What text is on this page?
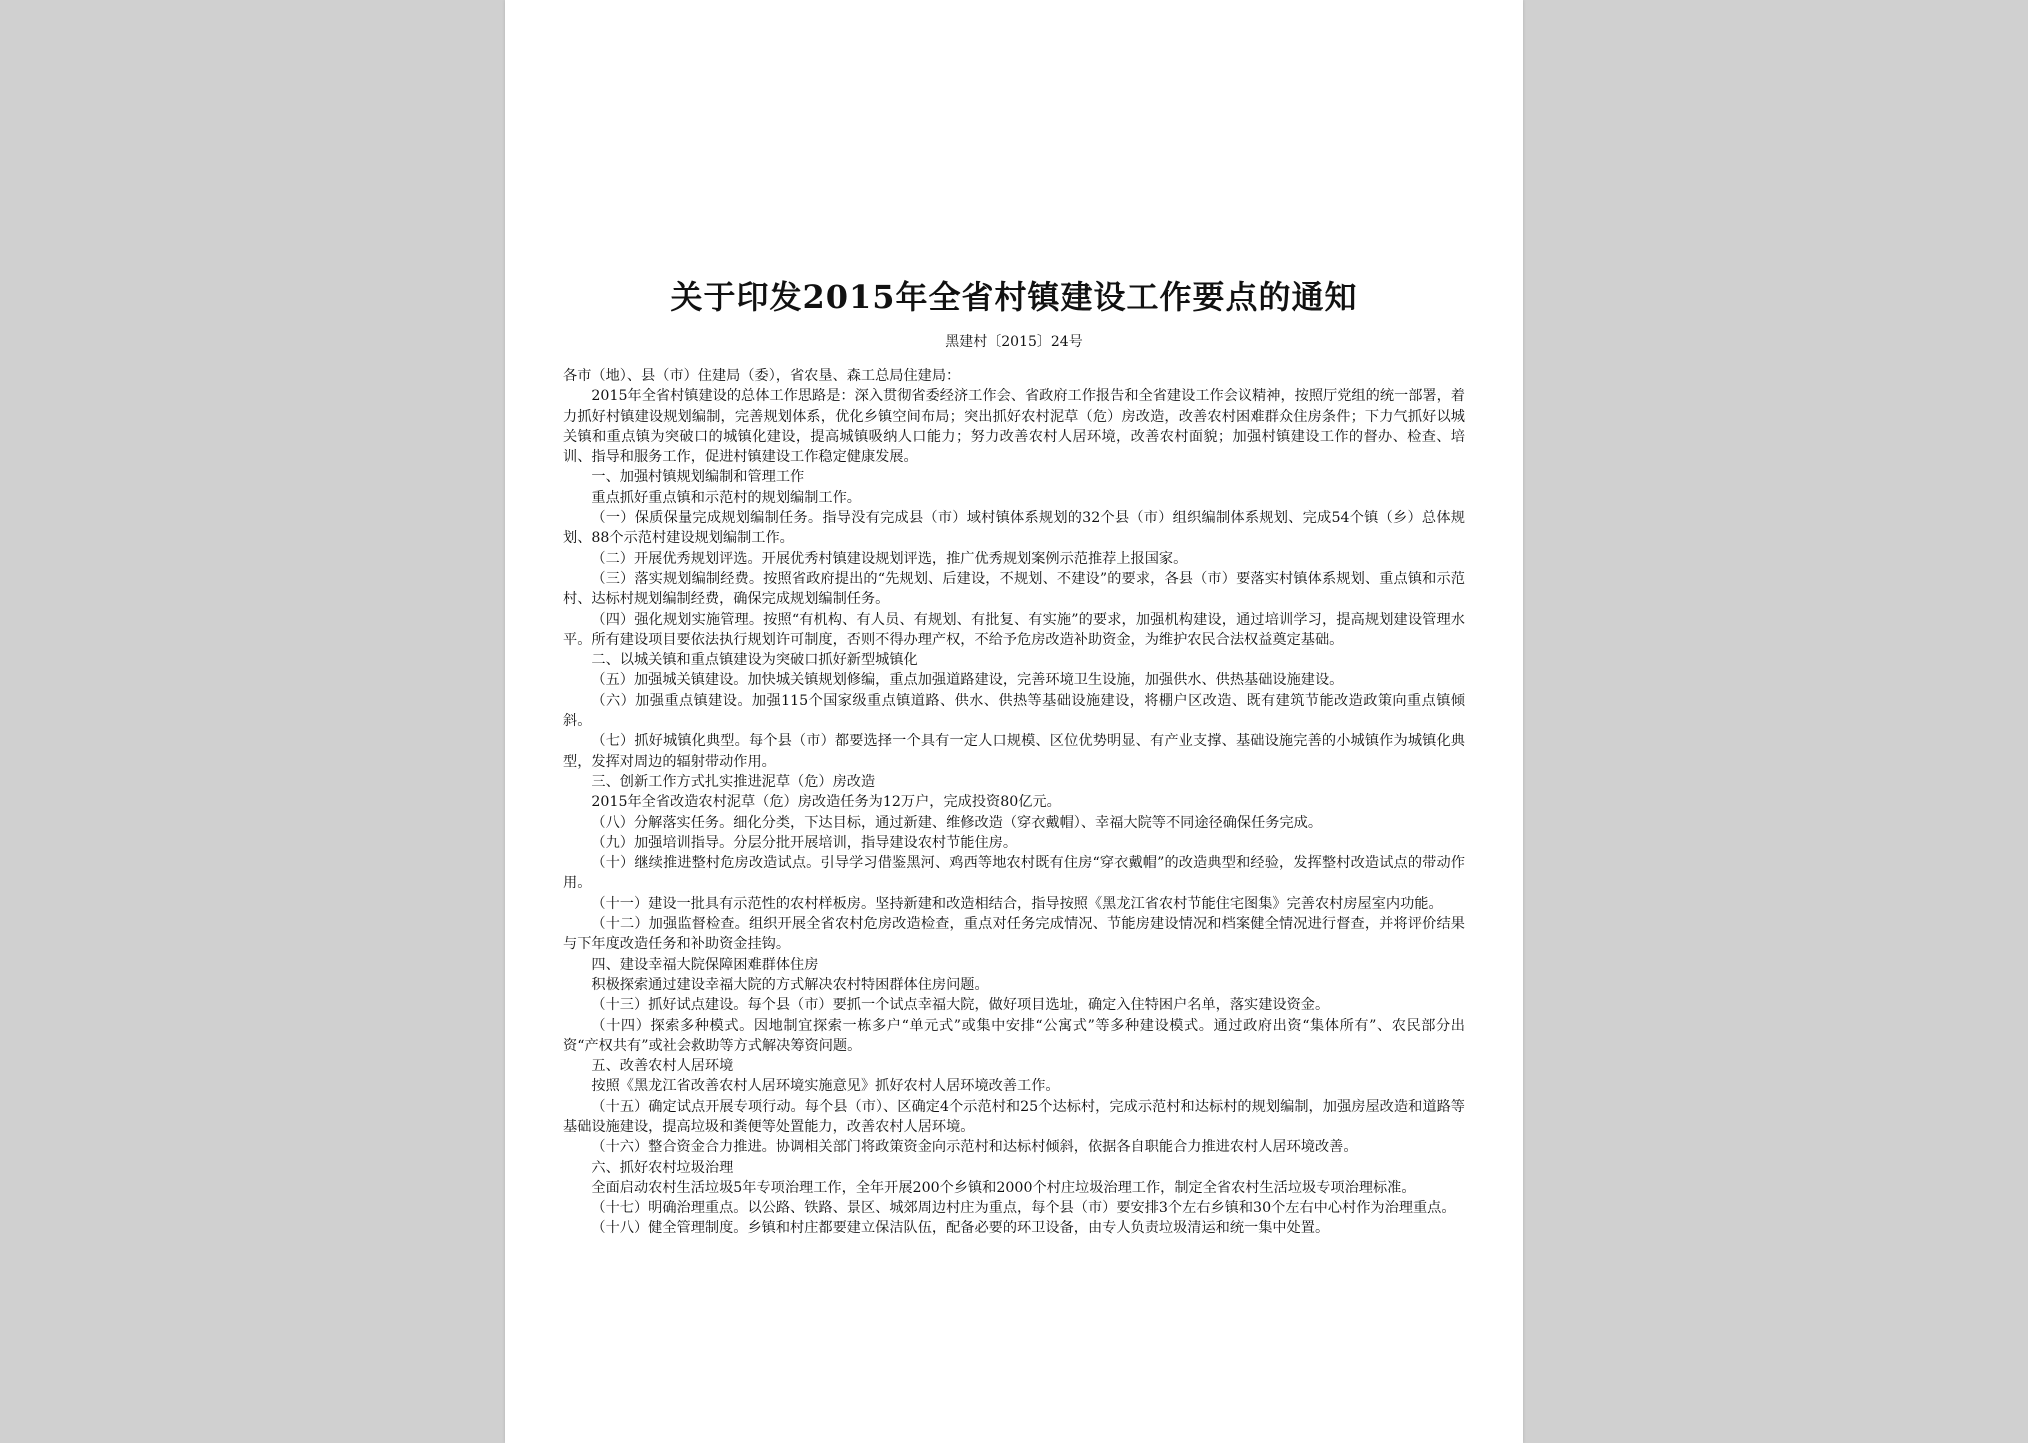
关于印发2015年全省村镇建设工作要点的通知
黑建村〔2015〕24号

各市（地）、县（市）住建局（委），省农垦、森工总局住建局：

2015年全省村镇建设的总体工作思路是：深入贯彻省委经济工作会、省政府工作报告和全省建设工作会议精神，按照厅党组的统一部署，着力抓好村镇建设规划编制，完善规划体系，优化乡镇空间布局；突出抓好农村泥草（危）房改造，改善农村困难群众住房条件；下力气抓好以城关镇和重点镇为突破口的城镇化建设，提高城镇吸纳人口能力；努力改善农村人居环境，改善农村面貌；加强村镇建设工作的督办、检查、培训、指导和服务工作，促进村镇建设工作稳定健康发展。

一、加强村镇规划编制和管理工作

重点抓好重点镇和示范村的规划编制工作。

（一）保质保量完成规划编制任务。指导没有完成县（市）域村镇体系规划的32个县（市）组织编制体系规划、完成54个镇（乡）总体规划、88个示范村建设规划编制工作。

（二）开展优秀规划评选。开展优秀村镇建设规划评选，推广优秀规划案例示范推荐上报国家。

（三）落实规划编制经费。按照省政府提出的“先规划、后建设，不规划、不建设”的要求，各县（市）要落实村镇体系规划、重点镇和示范村、达标村规划编制经费，确保完成规划编制任务。

（四）强化规划实施管理。按照“有机构、有人员、有规划、有批复、有实施”的要求，加强机构建设，通过培训学习，提高规划建设管理水平。所有建设项目要依法执行规划许可制度，否则不得办理产权，不给予危房改造补助资金，为维护农民合法权益奠定基础。

二、以城关镇和重点镇建设为突破口抓好新型城镇化

（五）加强城关镇建设。加快城关镇规划修编，重点加强道路建设，完善环境卫生设施，加强供水、供热基础设施建设。

（六）加强重点镇建设。加强115个国家级重点镇道路、供水、供热等基础设施建设，将棚户区改造、既有建筑节能改造政策向重点镇倾斜。

（七）抓好城镇化典型。每个县（市）都要选择一个具有一定人口规模、区位优势明显、有产业支撑、基础设施完善的小城镇作为城镇化典型，发挥对周边的辐射带动作用。

三、创新工作方式扎实推进泥草（危）房改造

2015年全省改造农村泥草（危）房改造任务为12万户，完成投资80亿元。

（八）分解落实任务。细化分类，下达目标，通过新建、维修改造（穿衣戴帽）、幸福大院等不同途径确保任务完成。

（九）加强培训指导。分层分批开展培训，指导建设农村节能住房。

（十）继续推进整村危房改造试点。引导学习借鉴黑河、鸡西等地农村既有住房“穿衣戴帽”的改造典型和经验，发挥整村改造试点的带动作用。

（十一）建设一批具有示范性的农村样板房。坚持新建和改造相结合，指导按照《黑龙江省农村节能住宅图集》完善农村房屋室内功能。

（十二）加强监督检查。组织开展全省农村危房改造检查，重点对任务完成情况、节能房建设情况和档案健全情况进行督查，并将评价结果与下年度改造任务和补助资金挂钩。

四、建设幸福大院保障困难群体住房

积极探索通过建设幸福大院的方式解决农村特困群体住房问题。

（十三）抓好试点建设。每个县（市）要抓一个试点幸福大院，做好项目选址，确定入住特困户名单，落实建设资金。

（十四）探索多种模式。因地制宜探索一栋多户“单元式”或集中安排“公寓式”等多种建设模式。通过政府出资“集体所有”、农民部分出资“产权共有”或社会救助等方式解决筹资问题。

五、改善农村人居环境

按照《黑龙江省改善农村人居环境实施意见》抓好农村人居环境改善工作。

（十五）确定试点开展专项行动。每个县（市）、区确定4个示范村和25个达标村，完成示范村和达标村的规划编制，加强房屋改造和道路等基础设施建设，提高垃圾和粪便等处置能力，改善农村人居环境。

（十六）整合资金合力推进。协调相关部门将政策资金向示范村和达标村倾斜，依据各自职能合力推进农村人居环境改善。

六、抓好农村垃圾治理

全面启动农村生活垃圾5年专项治理工作，全年开展200个乡镇和2000个村庄垃圾治理工作，制定全省农村生活垃圾专项治理标准。

（十七）明确治理重点。以公路、铁路、景区、城郊周边村庄为重点，每个县（市）要安排3个左右乡镇和30个左右中心村作为治理重点。

（十八）健全管理制度。乡镇和村庄都要建立保洁队伍，配备必要的环卫设备，由专人负责垃圾清运和统一集中处置。
